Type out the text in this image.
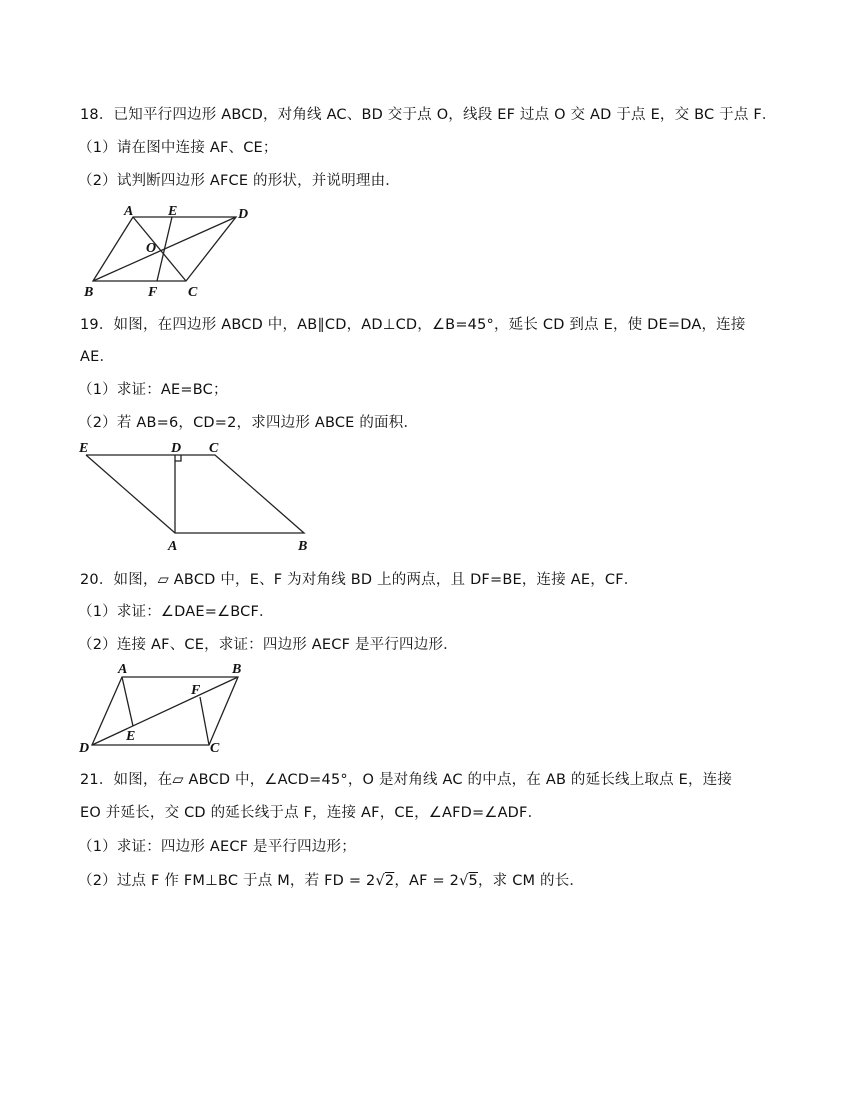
18．已知平行四边形 ABCD，对角线 AC、BD 交于点 O，线段 EF 过点 O 交 AD 于点 E，交 BC 于点 F．
（1）请在图中连接 AF、CE；
（2）试判断四边形 AFCE 的形状，并说明理由．
A E	D
O
B	F C
E	D C
A	B
A	B
F
D
E
C
19．如图，在四边形 ABCD 中，AB∥CD，AD⊥CD，∠B=45°，延长 CD 到点 E，使 DE=DA，连接
AE．
（1）求证：AE=BC；
（2）若 AB=6，CD=2，求四边形 ABCE 的面积．
20．如图，▱ ABCD 中，E、F 为对角线 BD 上的两点，且 DF=BE，连接 AE，CF．
（1）求证：∠DAE=∠BCF．
（2）连接 AF、CE，求证：四边形 AECF 是平行四边形．
21．如图，在▱ ABCD 中，∠ACD=45°，O 是对角线 AC 的中点，在 AB 的延长线上取点 E，连接
EO 并延长，交 CD 的延长线于点 F，连接 AF，CE，∠AFD=∠ADF．
（1）求证：四边形 AECF 是平行四边形；
（2）过点 F 作 FM⊥BC 于点 M，若 FD = 2√2，AF = 2√5，求 CM 的长．
